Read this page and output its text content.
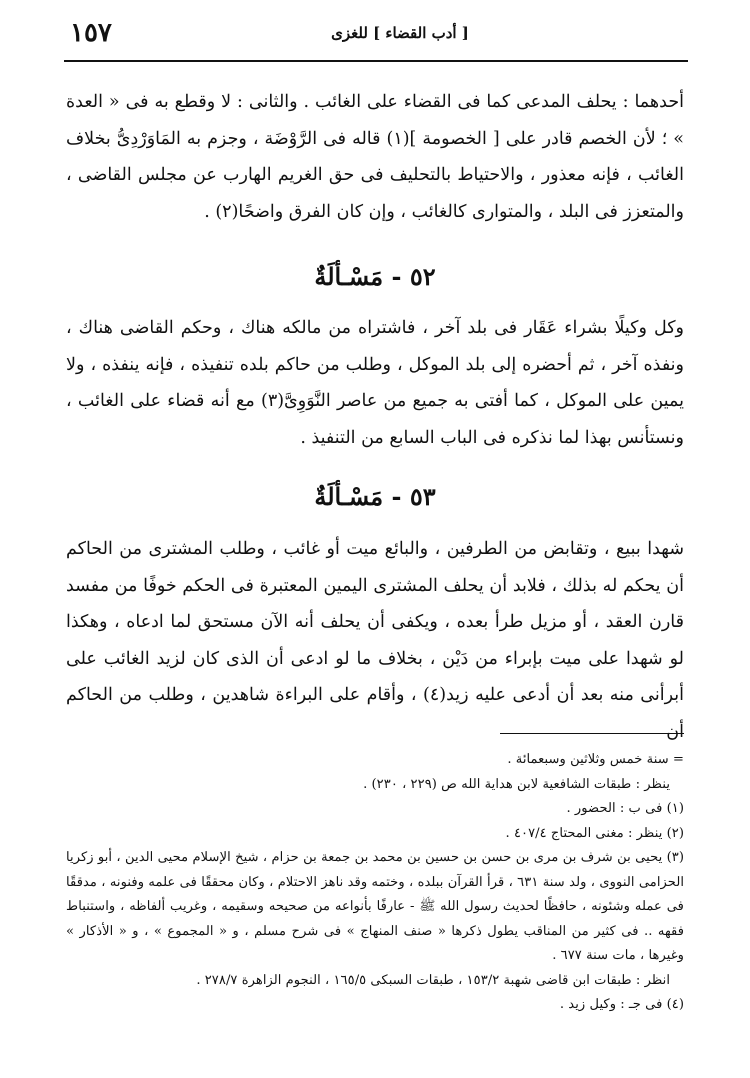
١٥٧	[ أدب القضاء ] للغزى

أحدهما : يحلف المدعى كما فى القضاء على الغائب . والثانى : لا وقطع به فى « العدة » ؛ لأن الخصم قادر على [ الخصومة ](١) قاله فى الرَّوْضَة ، وجزم به المَاوَرْدِىُّ بخلاف الغائب ، فإنه معذور ، والاحتياط بالتحليف فى حق الغريم الهارب عن مجلس القاضى ، والمتعزز فى البلد ، والمتوارى كالغائب ، وإن كان الفرق واضحًا(٢) .

٥٢ - مَسْـألَةٌ

وكل وكيلًا بشراء عَقَار فى بلد آخر ، فاشتراه من مالكه هناك ، وحكم القاضى هناك ، ونفذه آخر ، ثم أحضره إلى بلد الموكل ، وطلب من حاكم بلده تنفيذه ، فإنه ينفذه ، ولا يمين على الموكل ، كما أفتى به جميع من عاصر النَّوَوِىَّ(٣) مع أنه قضاء على الغائب ، ونستأنس بهذا لما نذكره فى الباب السابع من التنفيذ .

٥٣ - مَسْـألَةٌ

شهدا ببيع ، وتقابض من الطرفين ، والبائع ميت أو غائب ، وطلب المشترى من الحاكم أن يحكم له بذلك ، فلابد أن يحلف المشترى اليمين المعتبرة فى الحكم خوفًا من مفسد قارن العقد ، أو مزيل طرأ بعده ، ويكفى أن يحلف أنه الآن مستحق لما ادعاه ، وهكذا لو شهدا على ميت بإبراء من دَيْن ، بخلاف ما لو ادعى أن الذى كان لزيد الغائب على أبرأنى منه بعد أن أدعى عليه زيد(٤) ، وأقام على البراءة شاهدين ، وطلب من الحاكم أن

= سنة خمس وثلاثين وسبعمائة .

ينظر : طبقات الشافعية لابن هداية الله ص (٢٢٩ ، ٢٣٠) .

(١) فى ب : الحضور .

(٢) ينظر : مغنى المحتاج ٤٠٧/٤ .

(٣) يحيى بن شرف بن مرى بن حسن بن حسين بن محمد بن جمعة بن حزام ، شيخ الإسلام محيى الدين ، أبو زكريا الحزامى النووى ، ولد سنة ٦٣١ ، قرأ القرآن ببلده ، وختمه وقد ناهز الاحتلام ، وكان محققًا فى علمه وفنونه ، مدققًا فى عمله وشئونه ، حافظًا لحديث رسول الله ﷺ - عارفًا بأنواعه من صحيحه وسقيمه ، وغريب ألفاظه ، واستنباط فقهه .. فى كثير من المناقب يطول ذكرها « صنف المنهاج » فى شرح مسلم ، و « المجموع » ، و « الأذكار » وغيرها ، مات سنة ٦٧٧ .

انظر : طبقات ابن قاضى شهبة ١٥٣/٢ ، طبقات السبكى ١٦٥/٥ ، النجوم الزاهرة ٢٧٨/٧ .

(٤) فى جـ : وكيل زيد .
